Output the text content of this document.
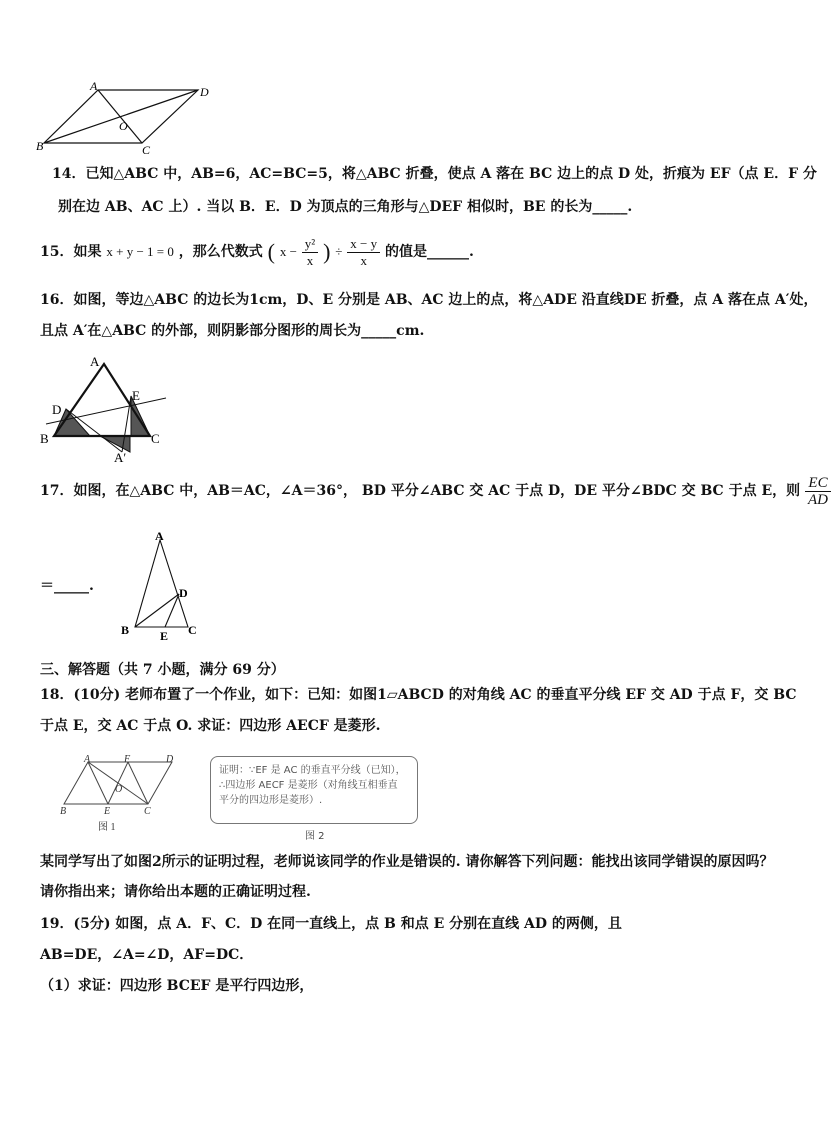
A	D
O
B	C
14．已知△ABC 中，AB=6，AC=BC=5，将△ABC 折叠，使点 A 落在 BC 边上的点 D 处，折痕为 EF（点 E．F 分
别在边 AB、AC 上）. 当以 B．E．D 为顶点的三角形与△DEF 相似时，BE 的长为_____.
15．如果 x + y − 1 = 0 ，那么代数式 ( $x - \frac{\text{y²}}{x}$ ) ÷ $\frac{x - y}{x}$ 的值是______.
16．如图，等边△ABC 的边长为1cm，D、E 分别是 AB、AC 边上的点，将△ADE 沿直线DE 折叠，点 A 落在点 A′处，
且点 A′在△ABC 的外部，则阴影部分图形的周长为_____cm.
A
D
E
B	C
A′
17．如图，在△ABC 中，AB＝AC，∠A＝36°， BD 平分∠ABC 交 AC 于点 D，DE 平分∠BDC 交 BC 于点 E，则 $\frac{EC}{AD}$
＝_____.
A
D
B	E C
三、解答题（共 7 小题，满分 69 分）
18．(10分) 老师布置了一个作业，如下：已知：如图1▱ABCD 的对角线 AC 的垂直平分线 EF 交 AD 于点 F，交 BC
于点 E，交 AC 于点 O. 求证：四边形 AECF 是菱形.
A	F	D
O
B	E	C
图 1
证明：∵EF 是 AC 的垂直平分线（已知），
∴四边形 AECF 是菱形（对角线互相垂直
平分的四边形是菱形）.
图 2
某同学写出了如图2所示的证明过程，老师说该同学的作业是错误的. 请你解答下列问题：能找出该同学错误的原因吗？
请你指出来；请你给出本题的正确证明过程.
19．(5分) 如图，点 A．F、C．D 在同一直线上，点 B 和点 E 分别在直线 AD 的两侧，且
AB=DE，∠A=∠D，AF=DC．
（1）求证：四边形 BCEF 是平行四边形，
